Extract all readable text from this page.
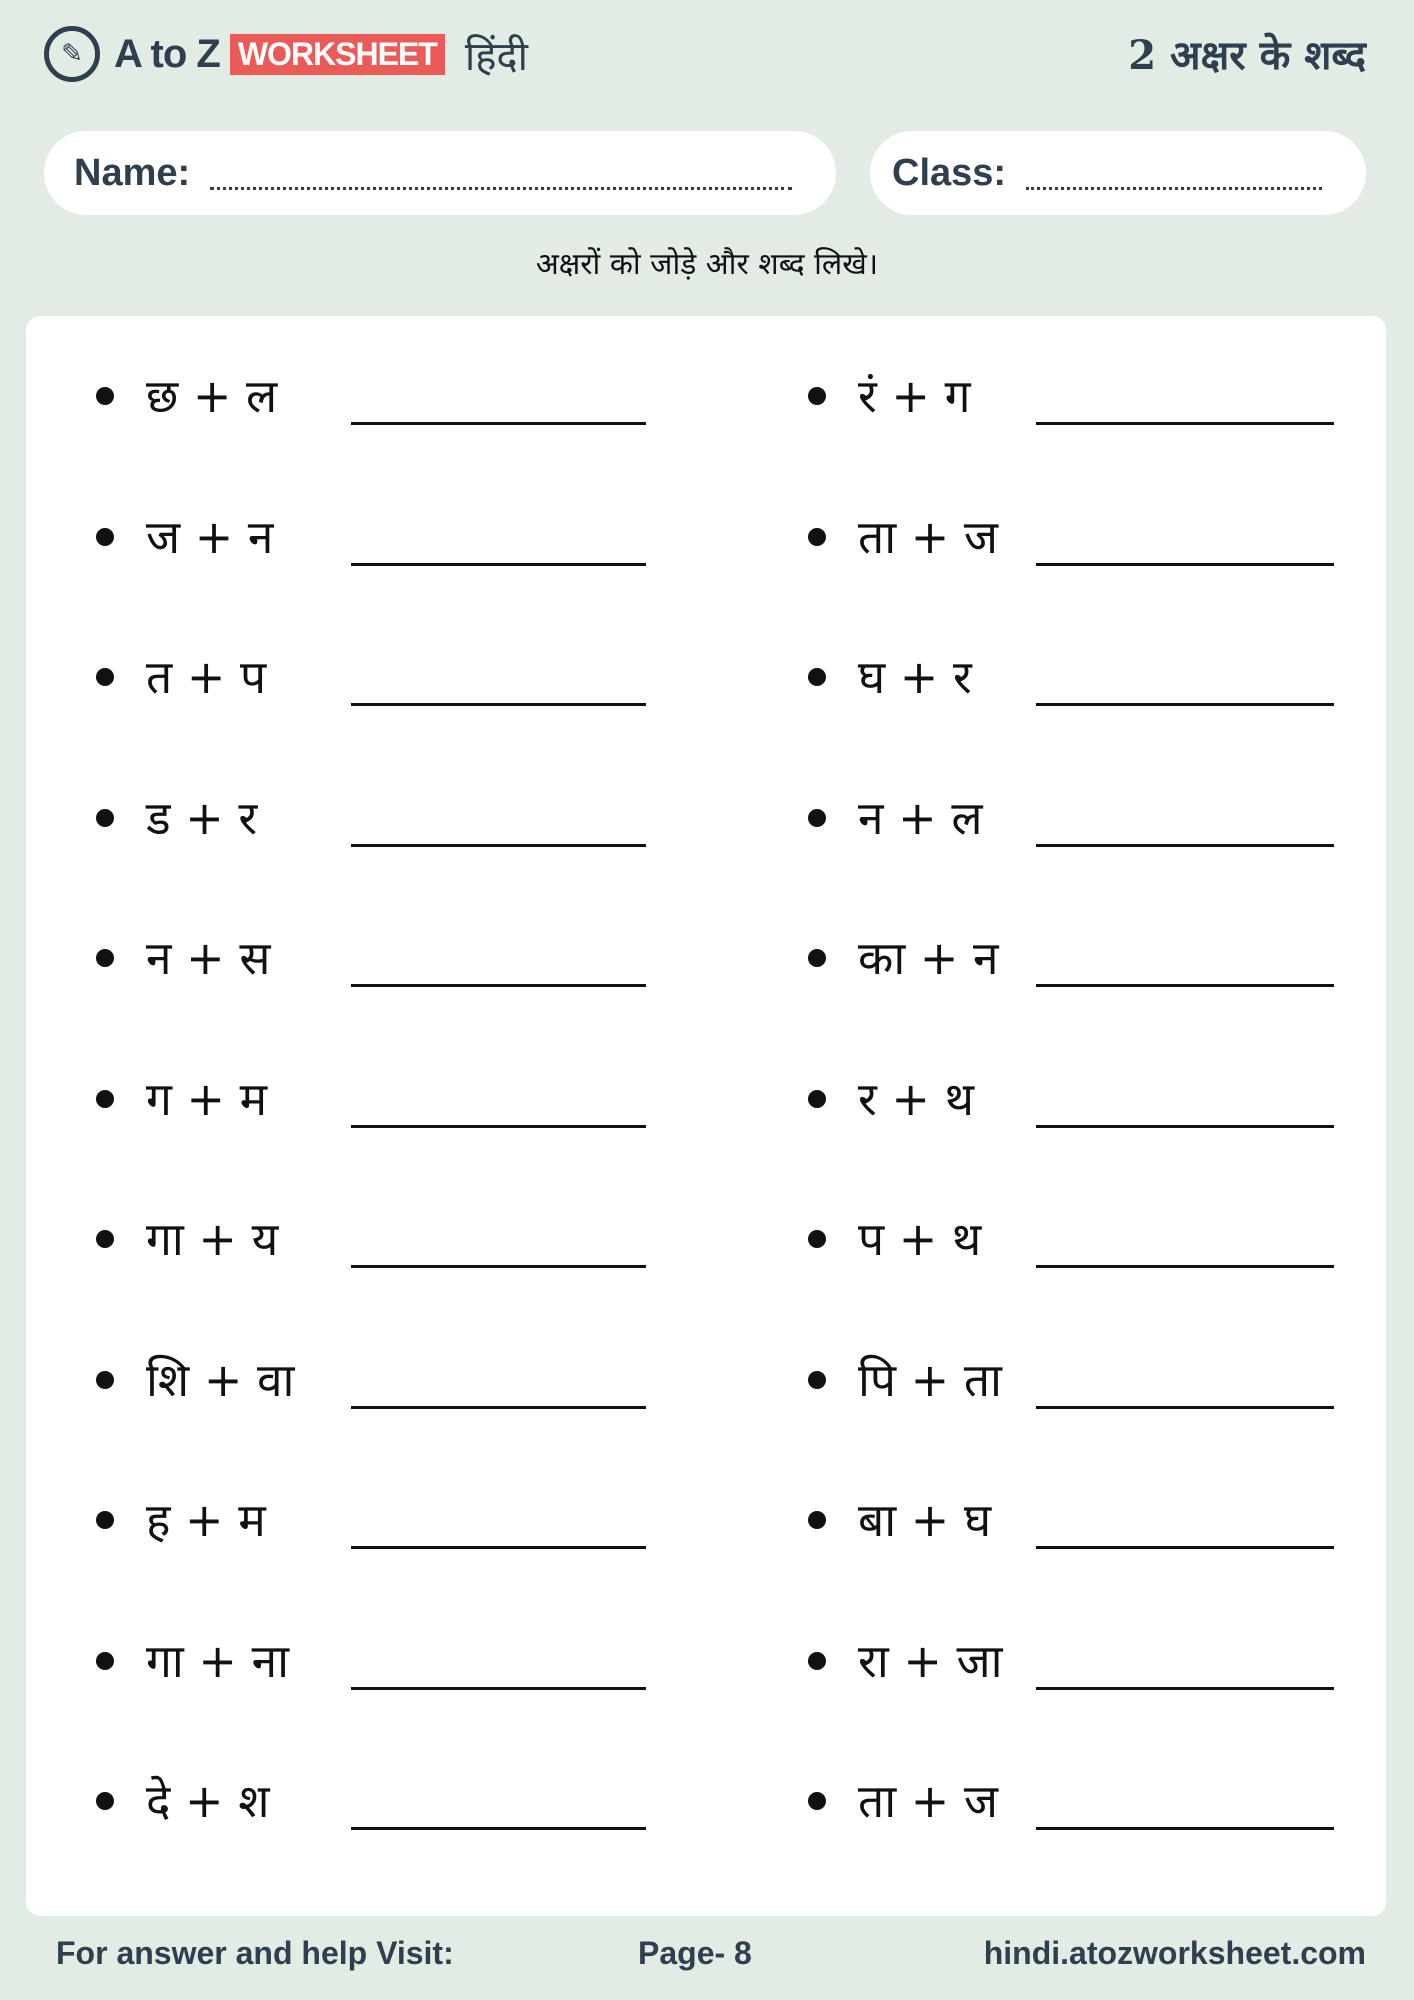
✎ A to Z WORKSHEET हिंदी	2 अक्षर के शब्द
Name:	Class:
अक्षरों को जोड़े और शब्द लिखे।
छ + ल
ज + न
त + प
ड + र
न + स
ग + म
गा + य
शि + वा
ह + म
गा + ना
दे + श
रं + ग
ता + ज
घ + र
न + ल
का + न
र + थ
प + थ
पि + ता
बा + घ
रा + जा
ता + ज
For answer and help Visit:	Page- 8	hindi.atozworksheet.com
